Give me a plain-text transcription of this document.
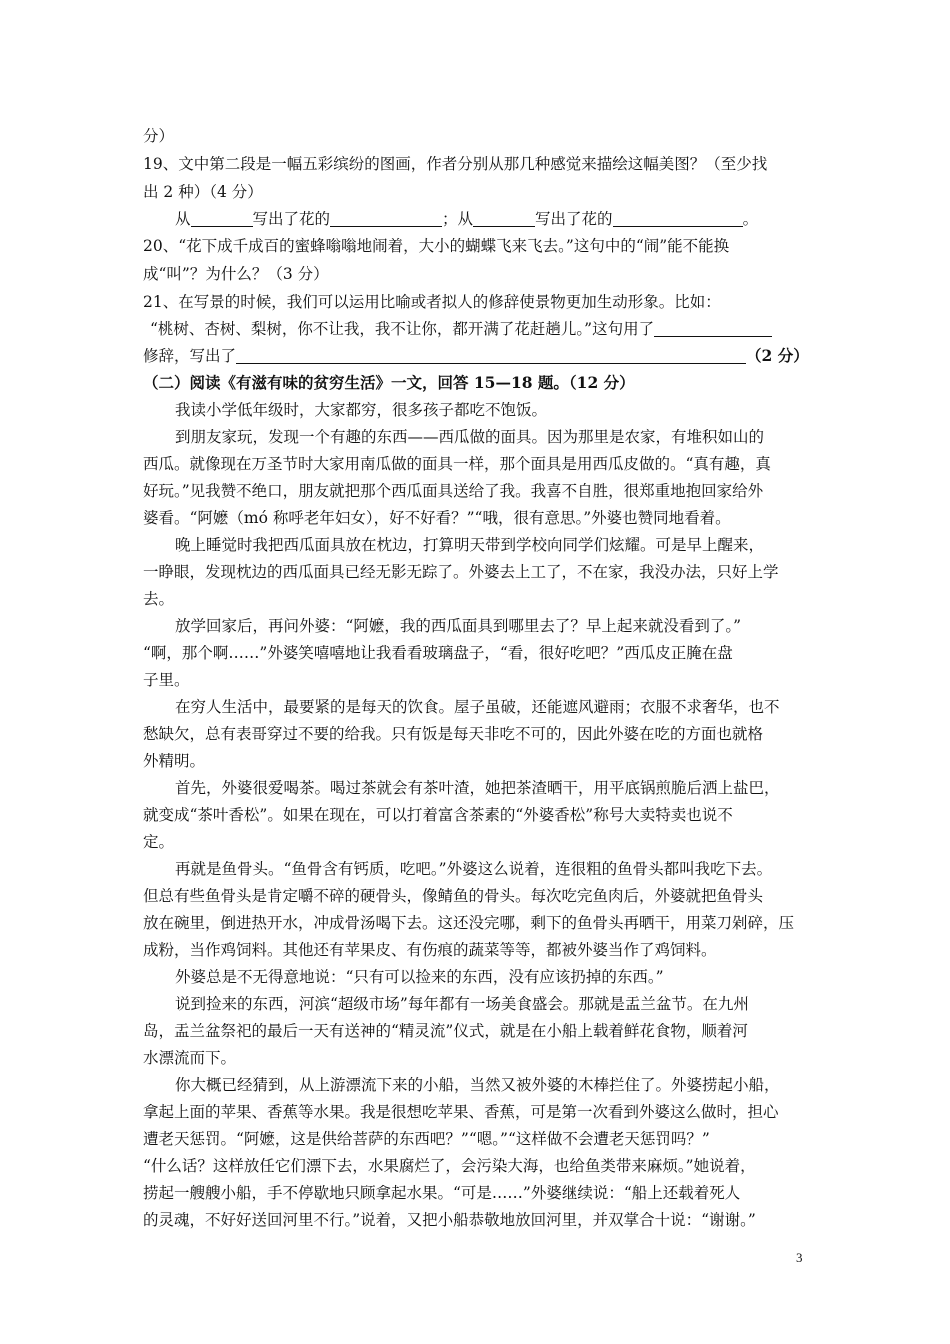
分）
19、文中第二段是一幅五彩缤纷的图画，作者分别从那几种感觉来描绘这幅美图？（至少找
出 2 种）（4 分）
从	写出了花的	；从	写出了花的	。
20、“花下成千成百的蜜蜂嗡嗡地闹着，大小的蝴蝶飞来飞去。”这句中的“闹”能不能换
成“叫”？为什么？（3 分）
21、在写景的时候，我们可以运用比喻或者拟人的修辞使景物更加生动形象。比如：
“桃树、杏树、梨树，你不让我，我不让你，都开满了花赶趟儿。”这句用了
修辞，写出了	（2 分）
（二）阅读《有滋有味的贫穷生活》一文，回答 15—18 题。（12 分）
我读小学低年级时，大家都穷，很多孩子都吃不饱饭。
到朋友家玩，发现一个有趣的东西——西瓜做的面具。因为那里是农家，有堆积如山的
西瓜。就像现在万圣节时大家用南瓜做的面具一样，那个面具是用西瓜皮做的。“真有趣，真
好玩。”见我赞不绝口，朋友就把那个西瓜面具送给了我。我喜不自胜，很郑重地抱回家给外
婆看。“阿嬷（mó 称呼老年妇女），好不好看？”“哦，很有意思。”外婆也赞同地看着。
晚上睡觉时我把西瓜面具放在枕边，打算明天带到学校向同学们炫耀。可是早上醒来，
一睁眼，发现枕边的西瓜面具已经无影无踪了。外婆去上工了，不在家，我没办法，只好上学
去。
放学回家后，再问外婆：“阿嬷，我的西瓜面具到哪里去了？早上起来就没看到了。”
“啊，那个啊……”外婆笑嘻嘻地让我看看玻璃盘子，“看，很好吃吧？”西瓜皮正腌在盘
子里。
在穷人生活中，最要紧的是每天的饮食。屋子虽破，还能遮风避雨；衣服不求奢华，也不
愁缺欠，总有表哥穿过不要的给我。只有饭是每天非吃不可的，因此外婆在吃的方面也就格
外精明。
首先，外婆很爱喝茶。喝过茶就会有茶叶渣，她把茶渣晒干，用平底锅煎脆后洒上盐巴，
就变成“茶叶香松”。如果在现在，可以打着富含茶素的“外婆香松”称号大卖特卖也说不
定。
再就是鱼骨头。“鱼骨含有钙质，吃吧。”外婆这么说着，连很粗的鱼骨头都叫我吃下去。
但总有些鱼骨头是肯定嚼不碎的硬骨头，像鲭鱼的骨头。每次吃完鱼肉后，外婆就把鱼骨头
放在碗里，倒进热开水，冲成骨汤喝下去。这还没完哪，剩下的鱼骨头再晒干，用菜刀剁碎，压
成粉，当作鸡饲料。其他还有苹果皮、有伤痕的蔬菜等等，都被外婆当作了鸡饲料。
外婆总是不无得意地说：“只有可以捡来的东西，没有应该扔掉的东西。”
说到捡来的东西，河滨“超级市场”每年都有一场美食盛会。那就是盂兰盆节。在九州
岛，盂兰盆祭祀的最后一天有送神的“精灵流”仪式，就是在小船上载着鲜花食物，顺着河
水漂流而下。
你大概已经猜到，从上游漂流下来的小船，当然又被外婆的木棒拦住了。外婆捞起小船，
拿起上面的苹果、香蕉等水果。我是很想吃苹果、香蕉，可是第一次看到外婆这么做时，担心
遭老天惩罚。“阿嬷，这是供给菩萨的东西吧？”“嗯。”“这样做不会遭老天惩罚吗？”
“什么话？这样放任它们漂下去，水果腐烂了，会污染大海，也给鱼类带来麻烦。”她说着，
捞起一艘艘小船，手不停歇地只顾拿起水果。“可是……”外婆继续说：“船上还载着死人
的灵魂，不好好送回河里不行。”说着，又把小船恭敬地放回河里，并双掌合十说：“谢谢。”
3
